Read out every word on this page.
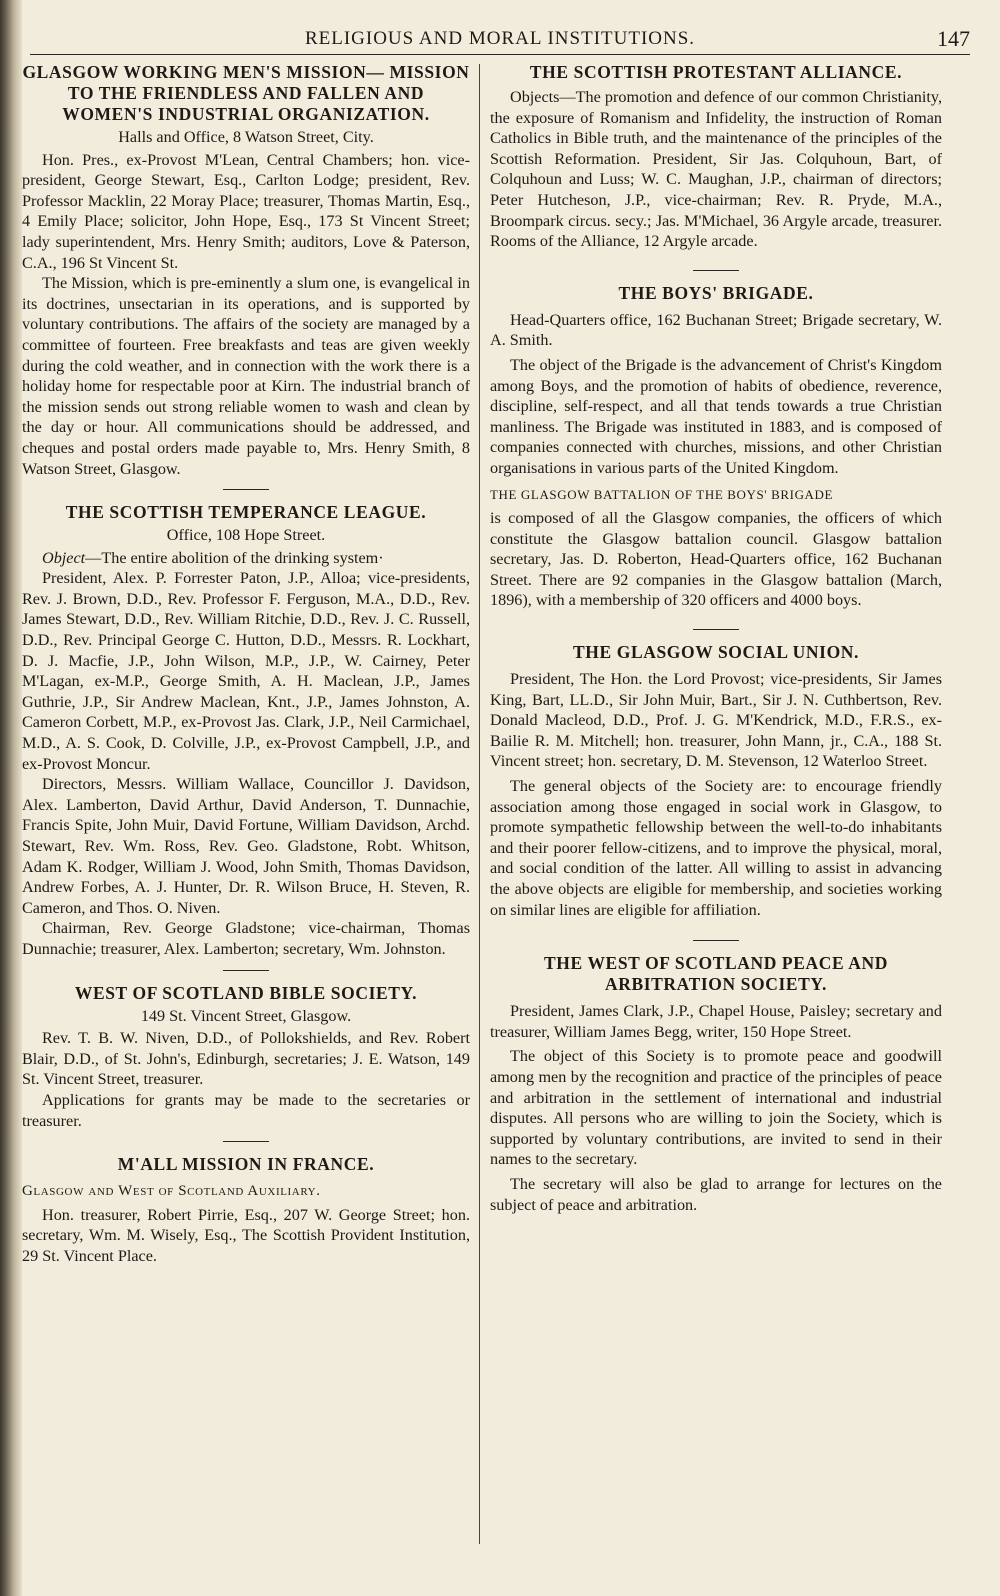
RELIGIOUS AND MORAL INSTITUTIONS.	147
GLASGOW WORKING MEN'S MISSION— MISSION TO THE FRIENDLESS AND FALLEN AND WOMEN'S INDUSTRIAL ORGANIZATION.
Halls and Office, 8 Watson Street, City.

Hon. Pres., ex-Provost M'Lean, Central Chambers; hon. vice-president, George Stewart, Esq., Carlton Lodge; president, Rev. Professor Macklin, 22 Moray Place; treasurer, Thomas Martin, Esq., 4 Emily Place; solicitor, John Hope, Esq., 173 St Vincent Street; lady superintendent, Mrs. Henry Smith; auditors, Love & Paterson, C.A., 196 St Vincent St.

The Mission, which is pre-eminently a slum one, is evangelical in its doctrines, unsectarian in its operations, and is supported by voluntary contributions. The affairs of the society are managed by a committee of fourteen. Free breakfasts and teas are given weekly during the cold weather, and in connection with the work there is a holiday home for respectable poor at Kirn. The industrial branch of the mission sends out strong reliable women to wash and clean by the day or hour. All communications should be addressed, and cheques and postal orders made payable to, Mrs. Henry Smith, 8 Watson Street, Glasgow.

THE SCOTTISH TEMPERANCE LEAGUE.
Office, 108 Hope Street.

Object—The entire abolition of the drinking system·

President, Alex. P. Forrester Paton, J.P., Alloa; vice-presidents, Rev. J. Brown, D.D., Rev. Professor F. Ferguson, M.A., D.D., Rev. James Stewart, D.D., Rev. William Ritchie, D.D., Rev. J. C. Russell, D.D., Rev. Principal George C. Hutton, D.D., Messrs. R. Lockhart, D. J. Macfie, J.P., John Wilson, M.P., J.P., W. Cairney, Peter M'Lagan, ex-M.P., George Smith, A. H. Maclean, J.P., James Guthrie, J.P., Sir Andrew Maclean, Knt., J.P., James Johnston, A. Cameron Corbett, M.P., ex-Provost Jas. Clark, J.P., Neil Carmichael, M.D., A. S. Cook, D. Colville, J.P., ex-Provost Campbell, J.P., and ex-Provost Moncur.

Directors, Messrs. William Wallace, Councillor J. Davidson, Alex. Lamberton, David Arthur, David Anderson, T. Dunnachie, Francis Spite, John Muir, David Fortune, William Davidson, Archd. Stewart, Rev. Wm. Ross, Rev. Geo. Gladstone, Robt. Whitson, Adam K. Rodger, William J. Wood, John Smith, Thomas Davidson, Andrew Forbes, A. J. Hunter, Dr. R. Wilson Bruce, H. Steven, R. Cameron, and Thos. O. Niven.

Chairman, Rev. George Gladstone; vice-chairman, Thomas Dunnachie; treasurer, Alex. Lamberton; secretary, Wm. Johnston.

WEST OF SCOTLAND BIBLE SOCIETY.
149 St. Vincent Street, Glasgow.

Rev. T. B. W. Niven, D.D., of Pollokshields, and Rev. Robert Blair, D.D., of St. John's, Edinburgh, secretaries; J. E. Watson, 149 St. Vincent Street, treasurer.

Applications for grants may be made to the secretaries or treasurer.

M'ALL MISSION IN FRANCE.
Glasgow and West of Scotland Auxiliary.

Hon. treasurer, Robert Pirrie, Esq., 207 W. George Street; hon. secretary, Wm. M. Wisely, Esq., The Scottish Provident Institution, 29 St. Vincent Place.

THE SCOTTISH PROTESTANT ALLIANCE.

Objects—The promotion and defence of our common Christianity, the exposure of Romanism and Infidelity, the instruction of Roman Catholics in Bible truth, and the maintenance of the principles of the Scottish Reformation. President, Sir Jas. Colquhoun, Bart, of Colquhoun and Luss; W. C. Maughan, J.P., chairman of directors; Peter Hutcheson, J.P., vice-chairman; Rev. R. Pryde, M.A., Broompark circus. secy.; Jas. M'Michael, 36 Argyle arcade, treasurer. Rooms of the Alliance, 12 Argyle arcade.

THE BOYS' BRIGADE.

Head-Quarters office, 162 Buchanan Street; Brigade secretary, W. A. Smith.

The object of the Brigade is the advancement of Christ's Kingdom among Boys, and the promotion of habits of obedience, reverence, discipline, self-respect, and all that tends towards a true Christian manliness. The Brigade was instituted in 1883, and is composed of companies connected with churches, missions, and other Christian organisations in various parts of the United Kingdom.

THE GLASGOW BATTALION OF THE BOYS' BRIGADE

is composed of all the Glasgow companies, the officers of which constitute the Glasgow battalion council. Glasgow battalion secretary, Jas. D. Roberton, Head-Quarters office, 162 Buchanan Street. There are 92 companies in the Glasgow battalion (March, 1896), with a membership of 320 officers and 4000 boys.

THE GLASGOW SOCIAL UNION.

President, The Hon. the Lord Provost; vice-presidents, Sir James King, Bart, LL.D., Sir John Muir, Bart., Sir J. N. Cuthbertson, Rev. Donald Macleod, D.D., Prof. J. G. M'Kendrick, M.D., F.R.S., ex-Bailie R. M. Mitchell; hon. treasurer, John Mann, jr., C.A., 188 St. Vincent street; hon. secretary, D. M. Stevenson, 12 Waterloo Street.

The general objects of the Society are: to encourage friendly association among those engaged in social work in Glasgow, to promote sympathetic fellowship between the well-to-do inhabitants and their poorer fellow-citizens, and to improve the physical, moral, and social condition of the latter. All willing to assist in advancing the above objects are eligible for membership, and societies working on similar lines are eligible for affiliation.

THE WEST OF SCOTLAND PEACE AND ARBITRATION SOCIETY.

President, James Clark, J.P., Chapel House, Paisley; secretary and treasurer, William James Begg, writer, 150 Hope Street.

The object of this Society is to promote peace and goodwill among men by the recognition and practice of the principles of peace and arbitration in the settlement of international and industrial disputes. All persons who are willing to join the Society, which is supported by voluntary contributions, are invited to send in their names to the secretary.

The secretary will also be glad to arrange for lectures on the subject of peace and arbitration.
